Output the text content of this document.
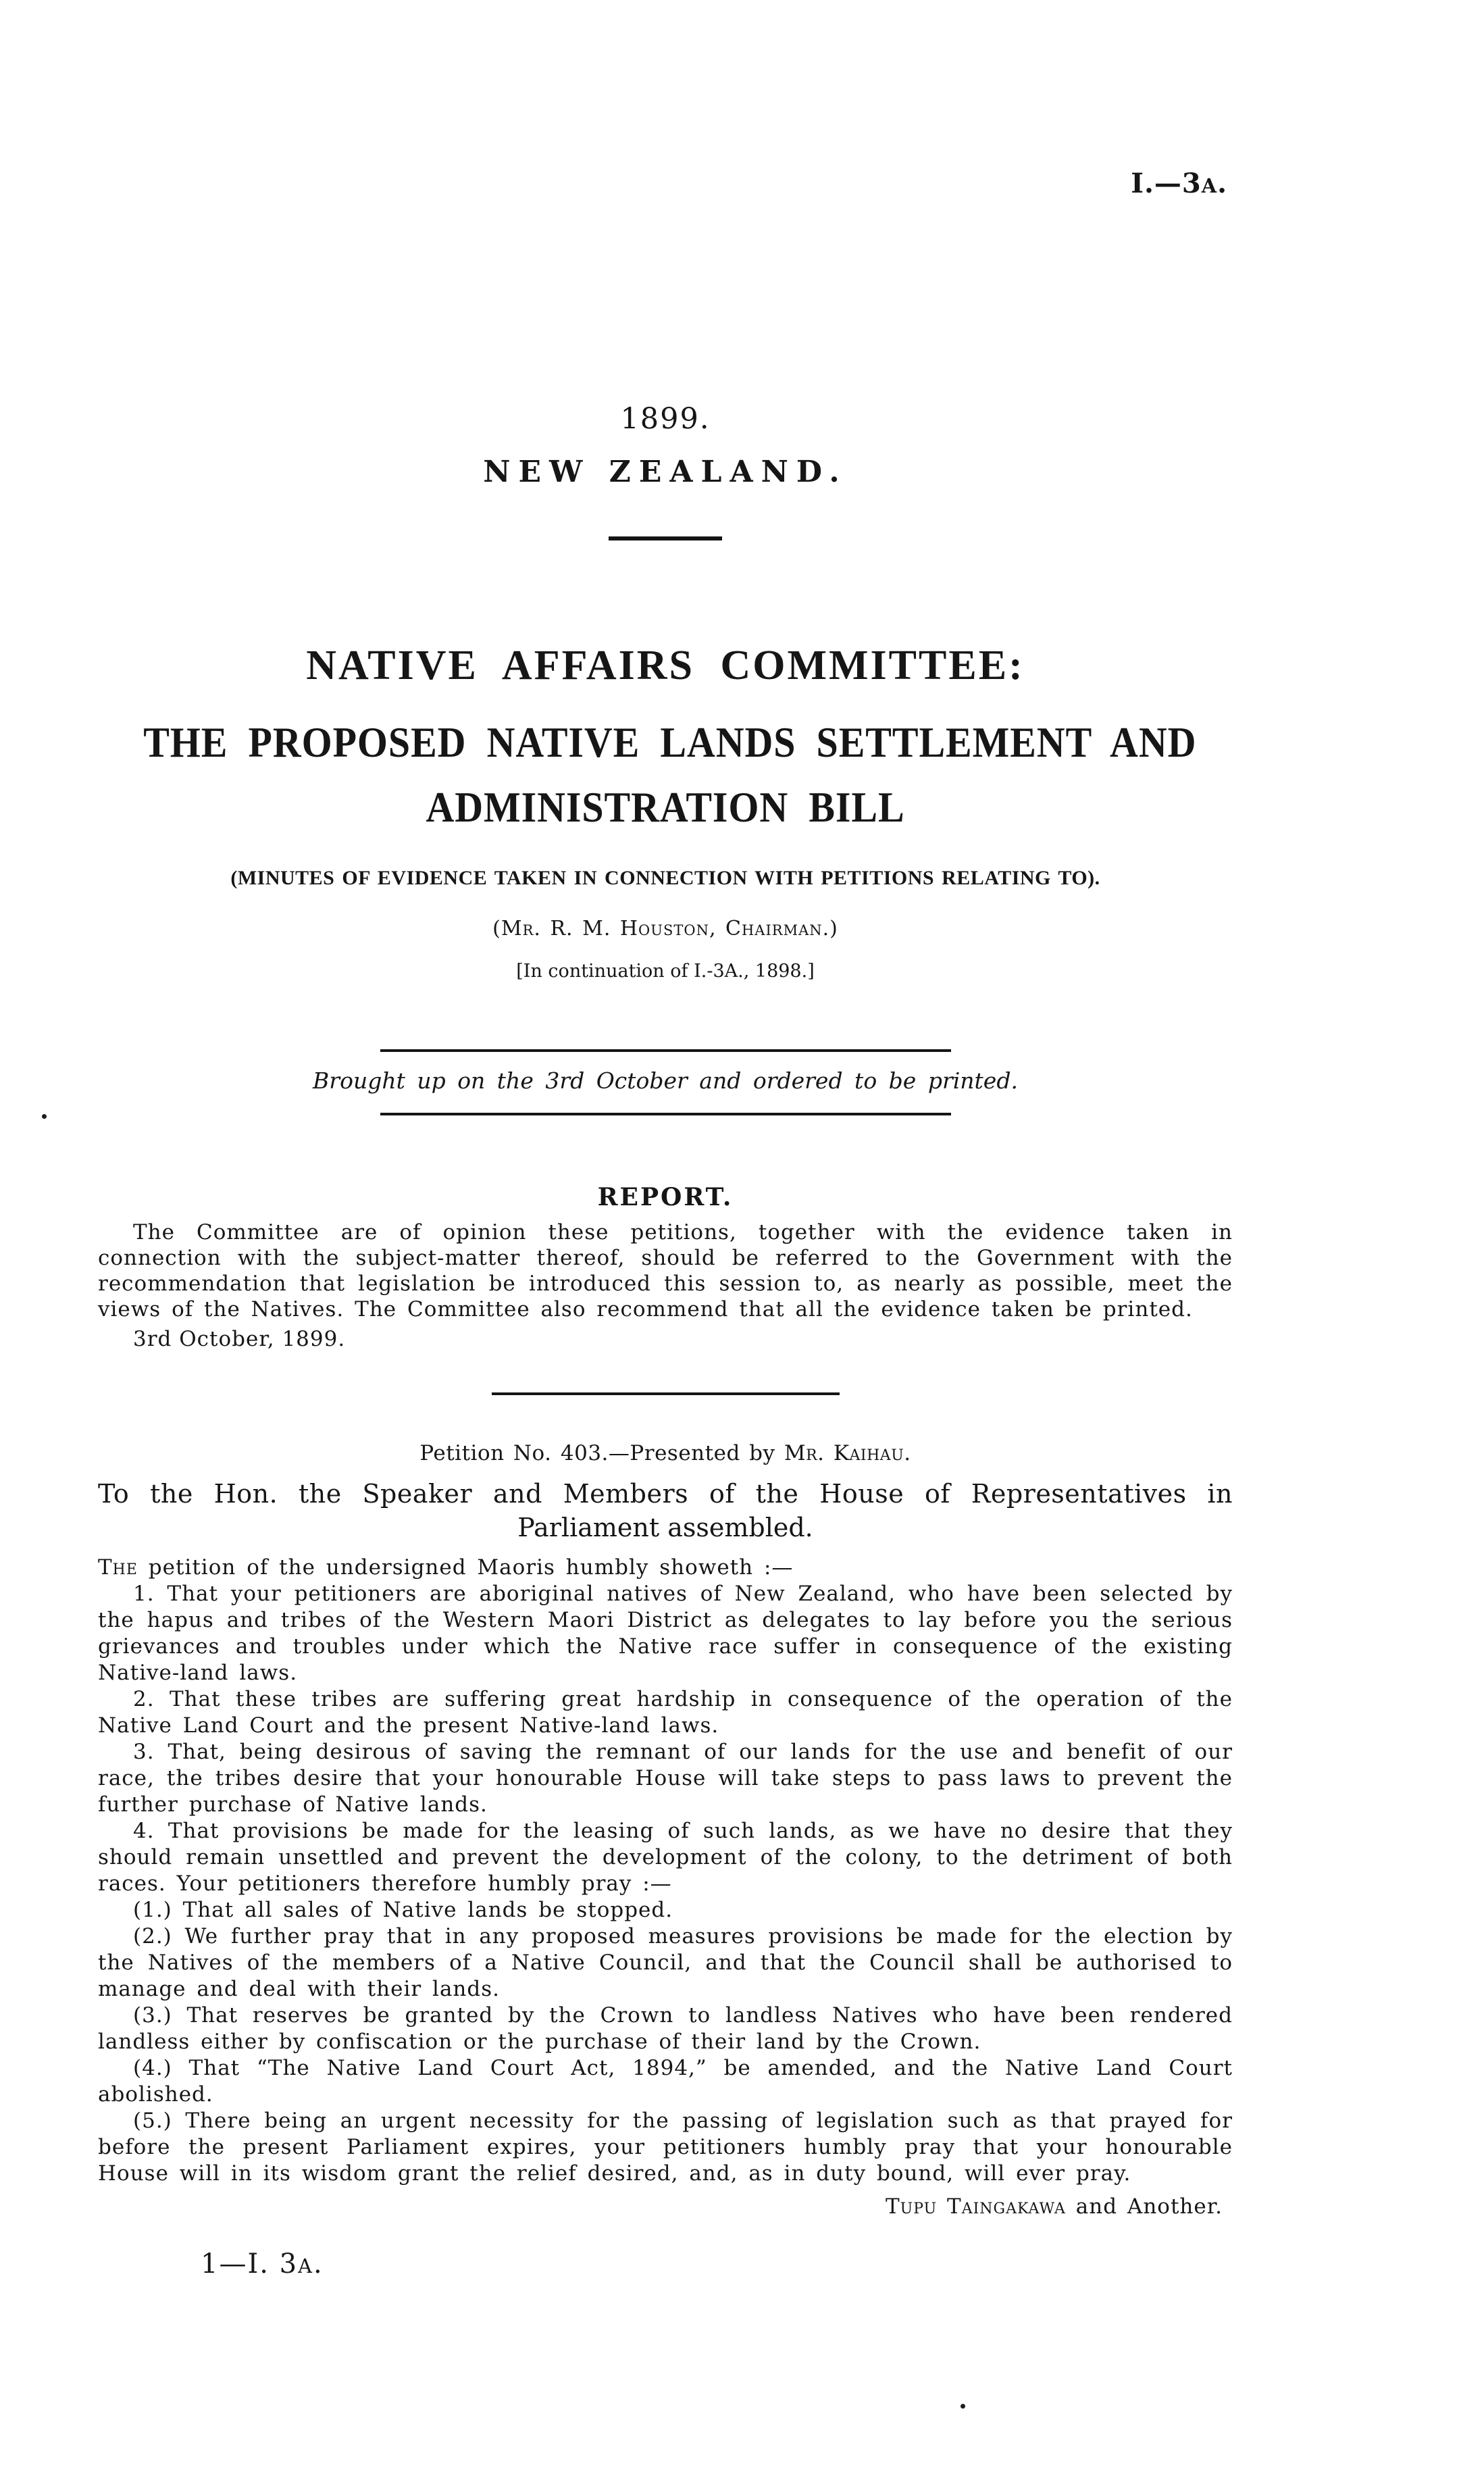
I.—3A.
1899.
NEW ZEALAND.
NATIVE AFFAIRS COMMITTEE:
THE PROPOSED NATIVE LANDS SETTLEMENT AND
ADMINISTRATION BILL
(MINUTES OF EVIDENCE TAKEN IN CONNECTION WITH PETITIONS RELATING TO).
(Mr. R. M. Houston, Chairman.)
[In continuation of I.-3A., 1898.]
Brought up on the 3rd October and ordered to be printed.
REPORT.

The Committee are of opinion these petitions, together with the evidence taken in connection with the subject-matter thereof, should be referred to the Government with the recommendation that legislation be introduced this session to, as nearly as possible, meet the views of the Natives. The Committee also recommend that all the evidence taken be printed.

3rd October, 1899.
Petition No. 403.—Presented by Mr. Kaihau.
To the Hon. the Speaker and Members of the House of Representatives in
Parliament assembled.

The petition of the undersigned Maoris humbly showeth :—

1. That your petitioners are aboriginal natives of New Zealand, who have been selected by the hapus and tribes of the Western Maori District as delegates to lay before you the serious grievances and troubles under which the Native race suffer in consequence of the existing Native-land laws.

2. That these tribes are suffering great hardship in consequence of the operation of the Native Land Court and the present Native-land laws.

3. That, being desirous of saving the remnant of our lands for the use and benefit of our race, the tribes desire that your honourable House will take steps to pass laws to prevent the further purchase of Native lands.

4. That provisions be made for the leasing of such lands, as we have no desire that they should remain unsettled and prevent the development of the colony, to the detriment of both races. Your petitioners therefore humbly pray :—

(1.) That all sales of Native lands be stopped.

(2.) We further pray that in any proposed measures provisions be made for the election by the Natives of the members of a Native Council, and that the Council shall be authorised to manage and deal with their lands.

(3.) That reserves be granted by the Crown to landless Natives who have been rendered landless either by confiscation or the purchase of their land by the Crown.

(4.) That “The Native Land Court Act, 1894,” be amended, and the Native Land Court abolished.

(5.) There being an urgent necessity for the passing of legislation such as that prayed for before the present Parliament expires, your petitioners humbly pray that your honourable House will in its wisdom grant the relief desired, and, as in duty bound, will ever pray.

Tupu Taingakawa and Another.
1—I. 3A.
